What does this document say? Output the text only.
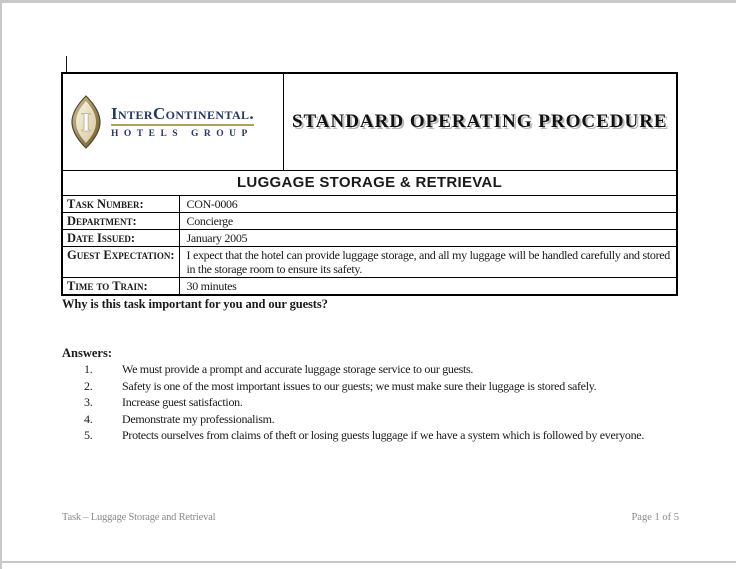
I InterContinental.
HOTELS GROUP		STANDARD OPERATING PROCEDURE
LUGGAGE STORAGE & RETRIEVAL		
Task Number:	CON-0006	
Department:	Concierge	
Date Issued:	January 2005	
Guest Expectation:	I expect that the hotel can provide luggage storage, and all my luggage will be handled carefully and stored in the storage room to ensure its safety.	
Time to Train:	30 minutes	
Why is this task important for you and our guests?
Answers:
1.	We must provide a prompt and accurate luggage storage service to our guests.
2.	Safety is one of the most important issues to our guests; we must make sure their luggage is stored safely.
3.	Increase guest satisfaction.
4.	Demonstrate my professionalism.
5.	Protects ourselves from claims of theft or losing guests luggage if we have a system which is followed by everyone.
Task – Luggage Storage and Retrieval	Page 1 of 5
